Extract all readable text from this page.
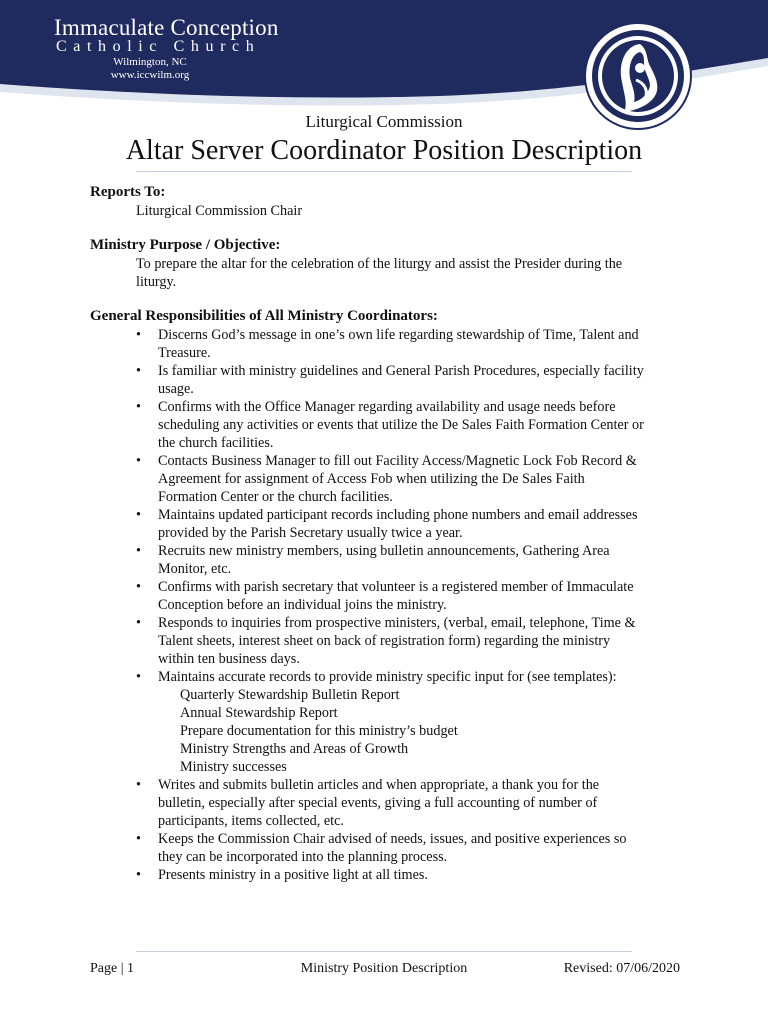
Immaculate Conception
Catholic Church
Wilmington, NC
www.iccwilm.org
Liturgical Commission
Altar Server Coordinator Position Description
Reports To:
Liturgical Commission Chair
Ministry Purpose / Objective:
To prepare the altar for the celebration of the liturgy and assist the Presider during the
liturgy.
General Responsibilities of All Ministry Coordinators:
• Discerns God’s message in one’s own life regarding stewardship of Time, Talent and
Treasure.
• Is familiar with ministry guidelines and General Parish Procedures, especially facility
usage.
• Confirms with the Office Manager regarding availability and usage needs before
scheduling any activities or events that utilize the De Sales Faith Formation Center or
the church facilities.
• Contacts Business Manager to fill out Facility Access/Magnetic Lock Fob Record &
Agreement for assignment of Access Fob when utilizing the De Sales Faith
Formation Center or the church facilities.
• Maintains updated participant records including phone numbers and email addresses
provided by the Parish Secretary usually twice a year.
• Recruits new ministry members, using bulletin announcements, Gathering Area
Monitor, etc.
• Confirms with parish secretary that volunteer is a registered member of Immaculate
Conception before an individual joins the ministry.
• Responds to inquiries from prospective ministers, (verbal, email, telephone, Time &
Talent sheets, interest sheet on back of registration form) regarding the ministry
within ten business days.
• Maintains accurate records to provide ministry specific input for (see templates):
Quarterly Stewardship Bulletin Report
Annual Stewardship Report
Prepare documentation for this ministry’s budget
Ministry Strengths and Areas of Growth
Ministry successes
• Writes and submits bulletin articles and when appropriate, a thank you for the
bulletin, especially after special events, giving a full accounting of number of
participants, items collected, etc.
• Keeps the Commission Chair advised of needs, issues, and positive experiences so
they can be incorporated into the planning process.
• Presents ministry in a positive light at all times.
Page | 1	Ministry Position Description	Revised: 07/06/2020
